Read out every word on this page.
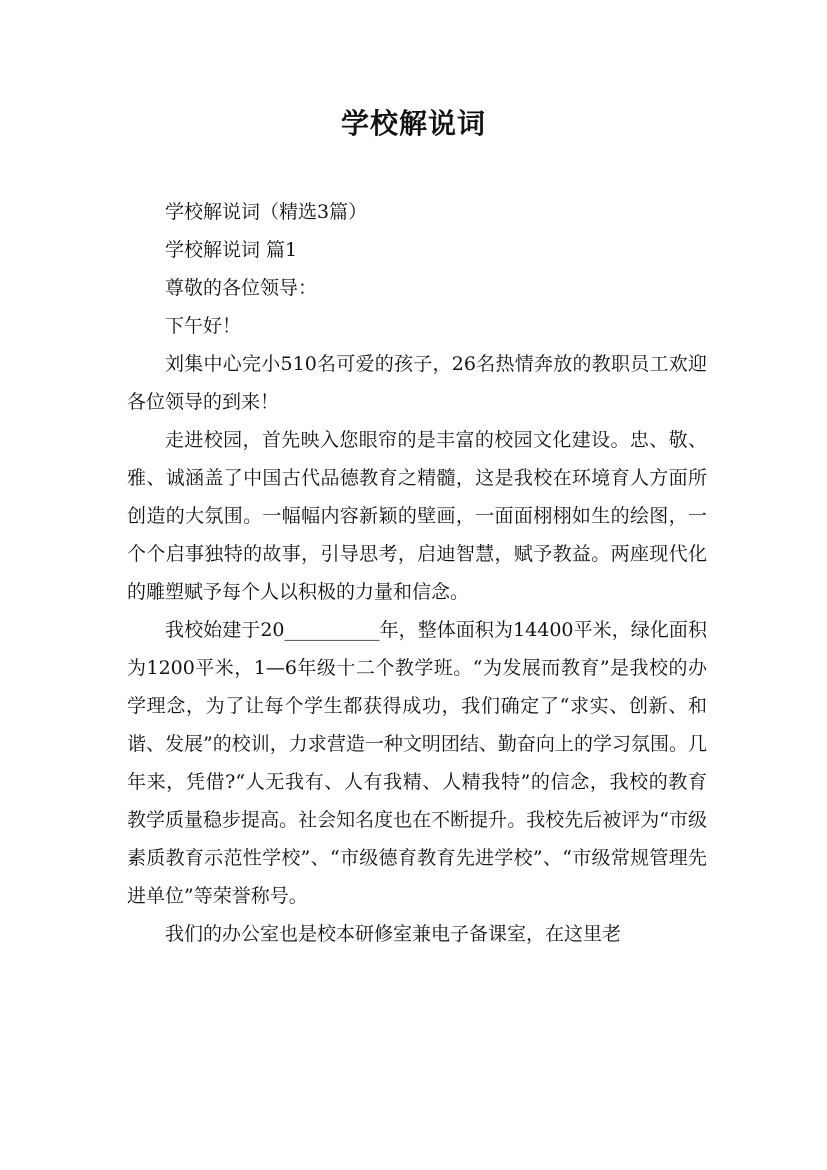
学校解说词

学校解说词（精选3篇）

学校解说词 篇1

尊敬的各位领导：

下午好！

刘集中心完小510名可爱的孩子，26名热情奔放的教职员工欢迎各位领导的到来！

走进校园，首先映入您眼帘的是丰富的校园文化建设。忠、敬、雅、诚涵盖了中国古代品德教育之精髓，这是我校在环境育人方面所创造的大氛围。一幅幅内容新颖的壁画，一面面栩栩如生的绘图，一个个启事独特的故事，引导思考，启迪智慧，赋予教益。两座现代化的雕塑赋予每个人以积极的力量和信念。

我校始建于20__________年，整体面积为14400平米，绿化面积为1200平米，1—6年级十二个教学班。“为发展而教育”是我校的办学理念，为了让每个学生都获得成功，我们确定了“求实、创新、和谐、发展”的校训，力求营造一种文明团结、勤奋向上的学习氛围。几年来，凭借?“人无我有、人有我精、人精我特”的信念，我校的教育教学质量稳步提高。社会知名度也在不断提升。我校先后被评为“市级素质教育示范性学校”、“市级德育教育先进学校”、“市级常规管理先进单位”等荣誉称号。

我们的办公室也是校本研修室兼电子备课室，在这里老
